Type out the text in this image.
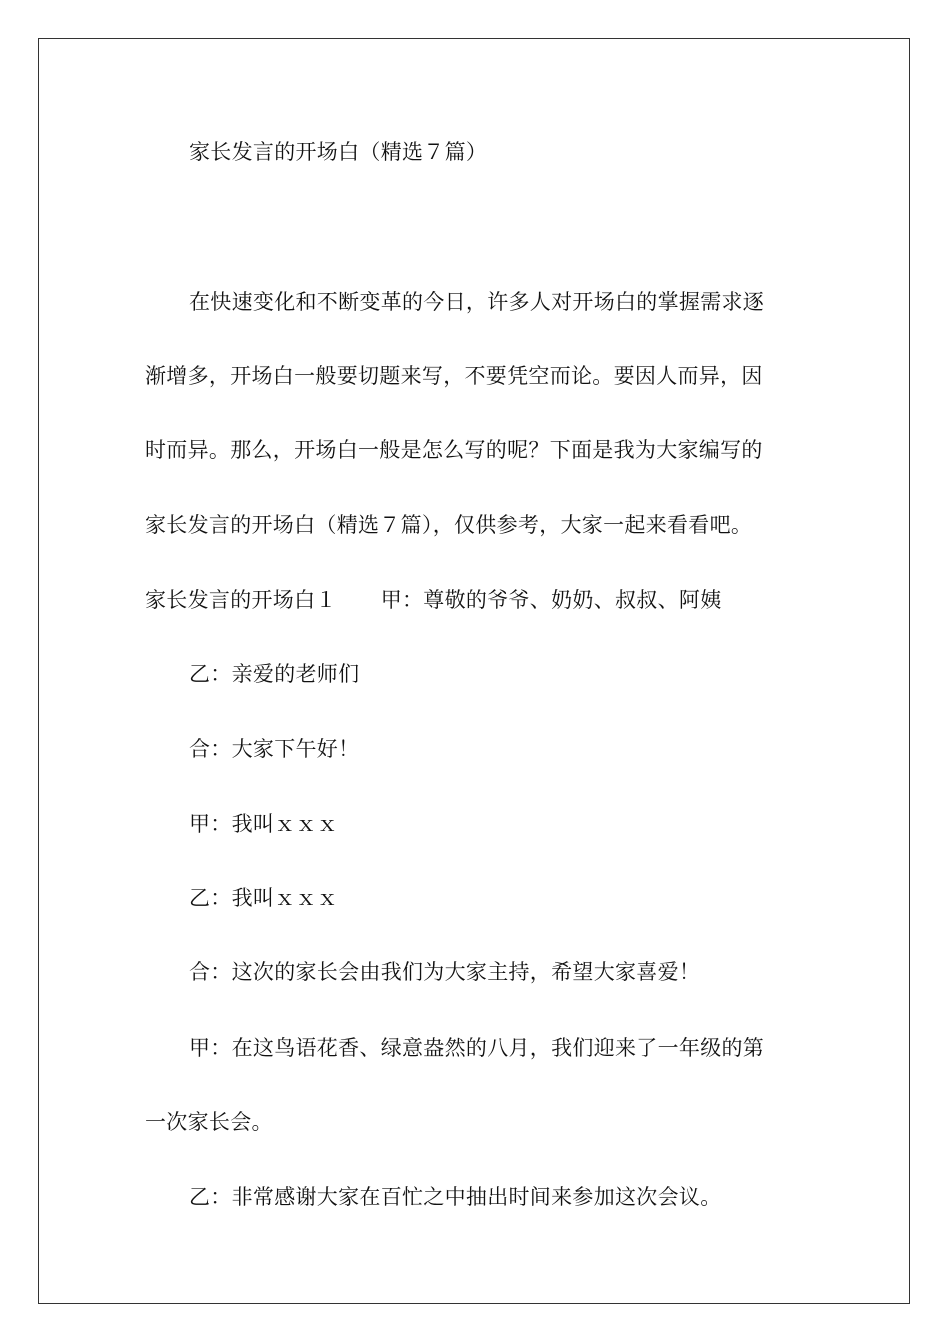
家长发言的开场白（精选７篇）
在快速变化和不断变革的今日，许多人对开场白的掌握需求逐
渐增多，开场白一般要切题来写，不要凭空而论。要因人而异，因
时而异。那么，开场白一般是怎么写的呢？下面是我为大家编写的
家长发言的开场白（精选７篇），仅供参考，大家一起来看看吧。
家长发言的开场白１ 甲：尊敬的爷爷、奶奶、叔叔、阿姨
乙：亲爱的老师们
合：大家下午好！
甲：我叫ｘｘｘ
乙：我叫ｘｘｘ
合：这次的家长会由我们为大家主持，希望大家喜爱！
甲：在这鸟语花香、绿意盎然的八月，我们迎来了一年级的第
一次家长会。
乙：非常感谢大家在百忙之中抽出时间来参加这次会议。
